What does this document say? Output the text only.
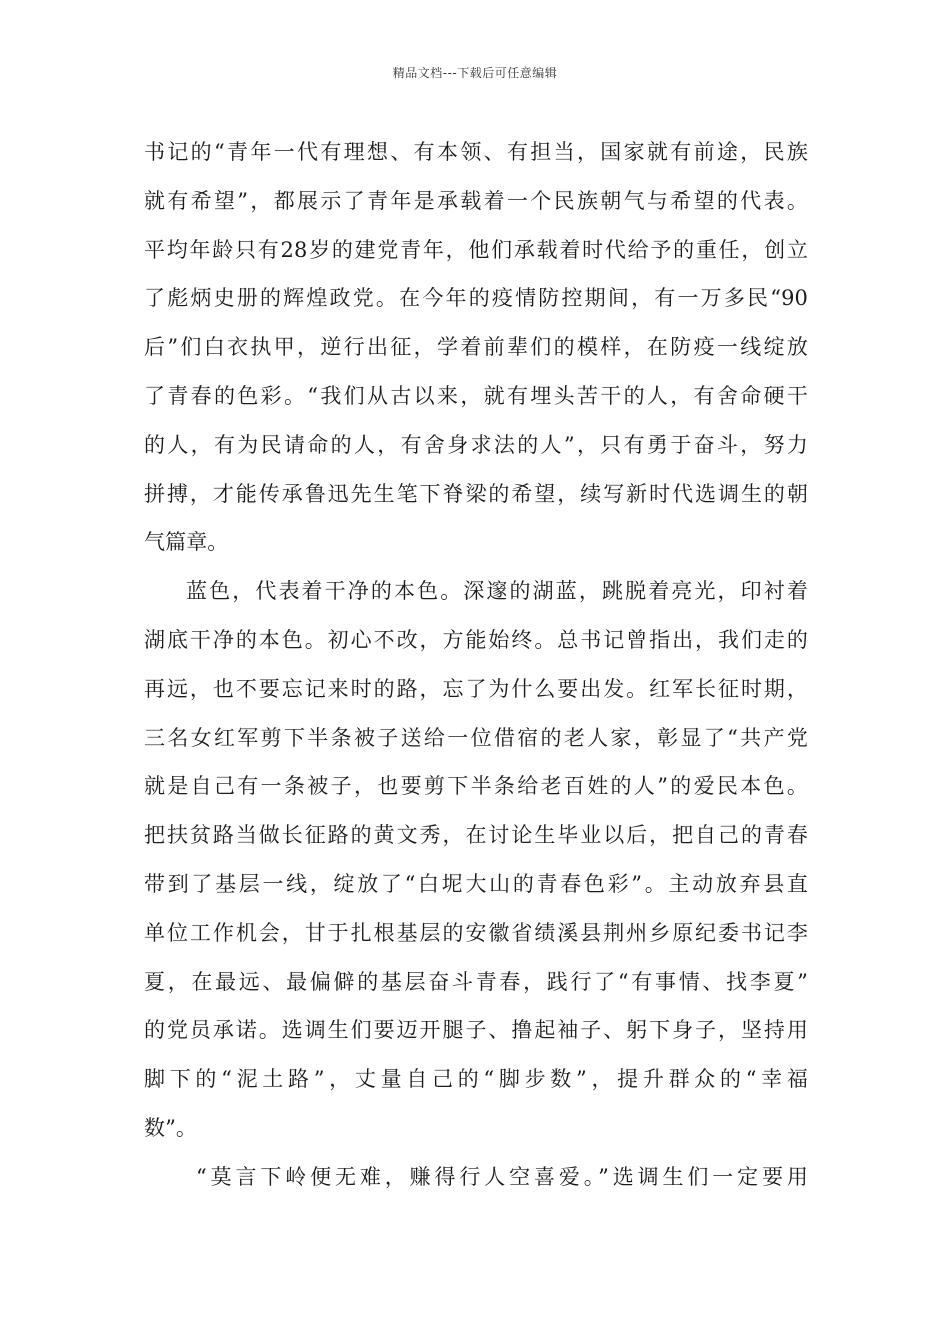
精品文档---下载后可任意编辑
书记的“青年一代有理想、有本领、有担当，国家就有前途，民族
就有希望”，都展示了青年是承载着一个民族朝气与希望的代表。
平均年龄只有28岁的建党青年，他们承载着时代给予的重任，创立
了彪炳史册的辉煌政党。在今年的疫情防控期间，有一万多民“90
后”们白衣执甲，逆行出征，学着前辈们的模样，在防疫一线绽放
了青春的色彩。“我们从古以来，就有埋头苦干的人，有舍命硬干
的人，有为民请命的人，有舍身求法的人”，只有勇于奋斗，努力
拼搏，才能传承鲁迅先生笔下脊梁的希望，续写新时代选调生的朝
气篇章。
蓝色，代表着干净的本色。深邃的湖蓝，跳脱着亮光，印衬着
湖底干净的本色。初心不改，方能始终。总书记曾指出，我们走的
再远，也不要忘记来时的路，忘了为什么要出发。红军长征时期，
三名女红军剪下半条被子送给一位借宿的老人家，彰显了“共产党
就是自己有一条被子，也要剪下半条给老百姓的人”的爱民本色。
把扶贫路当做长征路的黄文秀，在讨论生毕业以后，把自己的青春
带到了基层一线，绽放了“白坭大山的青春色彩”。主动放弃县直
单位工作机会，甘于扎根基层的安徽省绩溪县荆州乡原纪委书记李
夏，在最远、最偏僻的基层奋斗青春，践行了“有事情、找李夏”
的党员承诺。选调生们要迈开腿子、撸起袖子、躬下身子，坚持用
脚下的“泥土路”，丈量自己的“脚步数”，提升群众的“幸福
数”。
“莫言下岭便无难，赚得行人空喜爱。”选调生们一定要用
